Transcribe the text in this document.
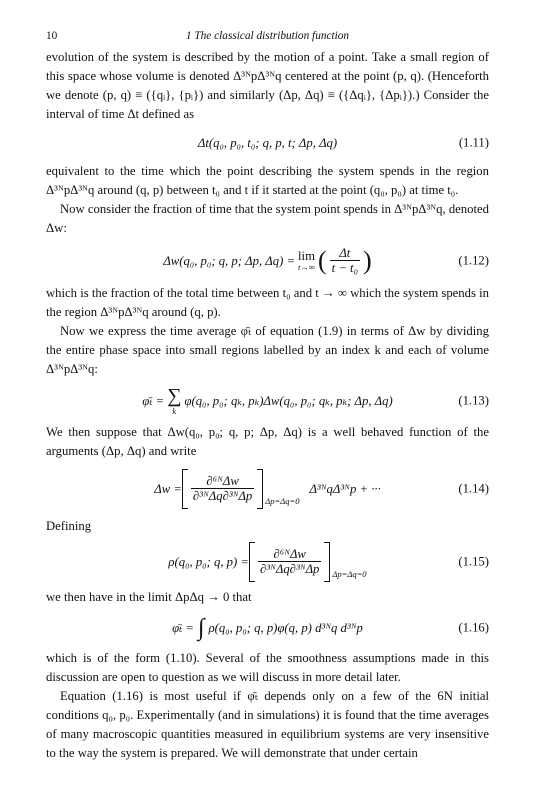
10	1 The classical distribution function

evolution of the system is described by the motion of a point. Take a small region of this space whose volume is denoted Δ³ᴺpΔ³ᴺq centered at the point (p, q). (Henceforth we denote (p, q) ≡ ({qᵢ}, {pᵢ}) and similarly (Δp, Δq) ≡ ({Δqᵢ}, {Δpᵢ}).) Consider the interval of time Δt defined as

Δt(q₀, p₀, t₀; q, p, t; Δp, Δq)	(1.11)

equivalent to the time which the point describing the system spends in the region Δ³ᴺpΔ³ᴺq around (q, p) between t₀ and t if it started at the point (q₀, p₀) at time t₀.

Now consider the fraction of time that the system point spends in Δ³ᴺpΔ³ᴺq, denoted Δw:

Δw(q₀, p₀; q, p; Δp, Δq) = lim
t→∞ ( $\frac{\Delta t}{\text{t − t₀}}$ )	(1.12)

which is the fraction of the total time between t₀ and t → ∞ which the system spends in the region Δ³ᴺpΔ³ᴺq around (q, p).

Now we express the time average φ̄ₜ of equation (1.9) in terms of Δw by dividing the entire phase space into small regions labelled by an index k and each of volume Δ³ᴺpΔ³ᴺq:

φ̄ₜ = ∑
k
φ(q₀, p₀; qₖ, pₖ)Δw(q₀, p₀; qₖ, pₖ; Δp, Δq)	(1.13)

We then suppose that Δw(q₀, p₀; q, p; Δp, Δq) is a well behaved function of the arguments (Δp, Δq) and write

$\Delta w = \frac{\text{∂⁶ᴺΔw}}{\text{∂³ᴺΔq∂³ᴺΔp}} \Delta p=\Delta q=0$
Δ³ᴺqΔ³ᴺp + ···	(1.14)

Defining

ρ(q₀, p₀; q, $p) = \frac{\text{∂⁶ᴺΔw}}{\text{∂³ᴺΔq∂³ᴺΔp}} \Delta p=\Delta q=0$
(1.15)

we then have in the limit ΔpΔq → 0 that

φ̄ₜ = ∫ ρ(q₀, p₀; q, p)φ(q, p) d³ᴺq d³ᴺp	(1.16)

which is of the form (1.10). Several of the smoothness assumptions made in this discussion are open to question as we will discuss in more detail later.

Equation (1.16) is most useful if φ̄ₜ depends only on a few of the 6N initial conditions q₀, p₀. Experimentally (and in simulations) it is found that the time averages of many macroscopic quantities measured in equilibrium systems are very insensitive to the way the system is prepared. We will demonstrate that under certain
